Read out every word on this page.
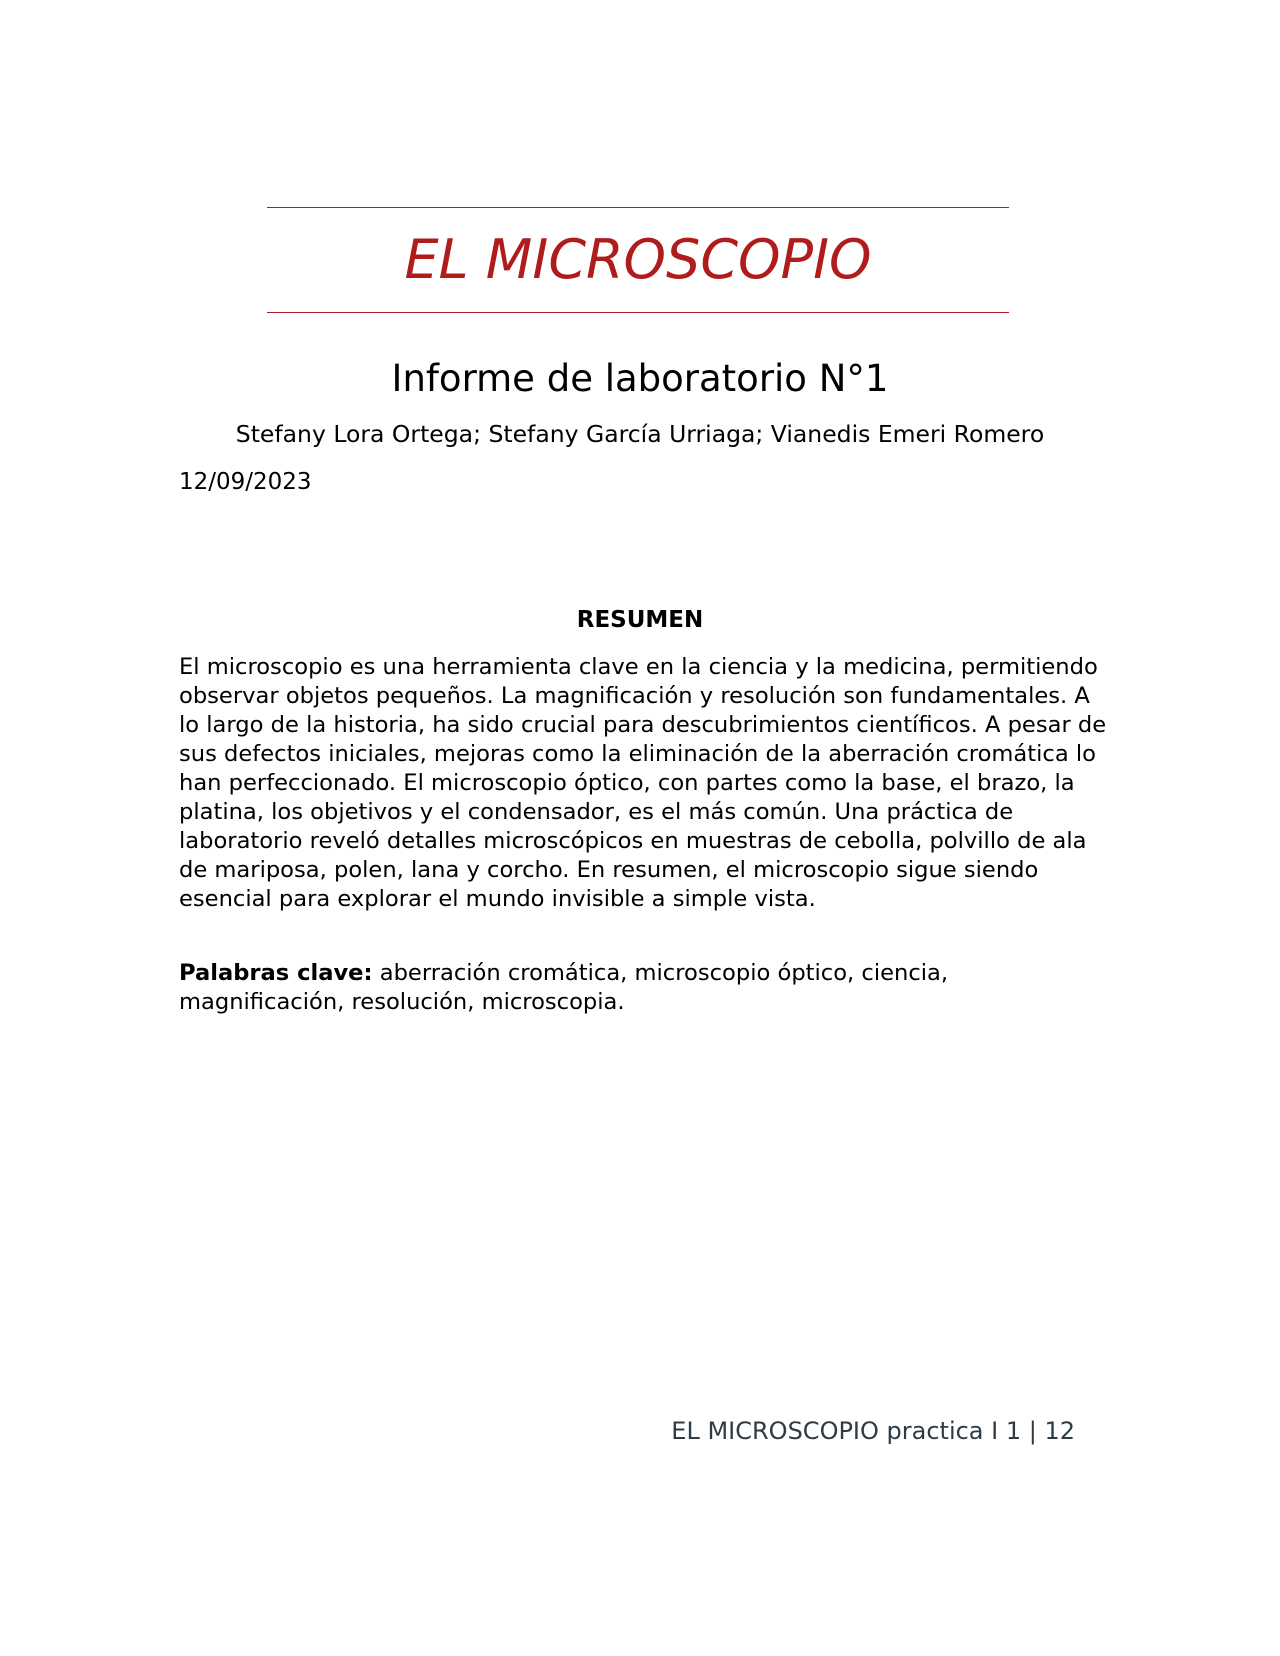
EL MICROSCOPIO
Informe de laboratorio N°1
Stefany Lora Ortega; Stefany García Urriaga; Vianedis Emeri Romero
12/09/2023
RESUMEN

El microscopio es una herramienta clave en la ciencia y la medicina, permitiendo observar objetos pequeños. La magnificación y resolución son fundamentales. A lo largo de la historia, ha sido crucial para descubrimientos científicos. A pesar de sus defectos iniciales, mejoras como la eliminación de la aberración cromática lo han perfeccionado. El microscopio óptico, con partes como la base, el brazo, la platina, los objetivos y el condensador, es el más común. Una práctica de laboratorio reveló detalles microscópicos en muestras de cebolla, polvillo de ala de mariposa, polen, lana y corcho. En resumen, el microscopio sigue siendo esencial para explorar el mundo invisible a simple vista.

Palabras clave: aberración cromática, microscopio óptico, ciencia, magnificación, resolución, microscopia.

EL MICROSCOPIO practica I 1 | 12
